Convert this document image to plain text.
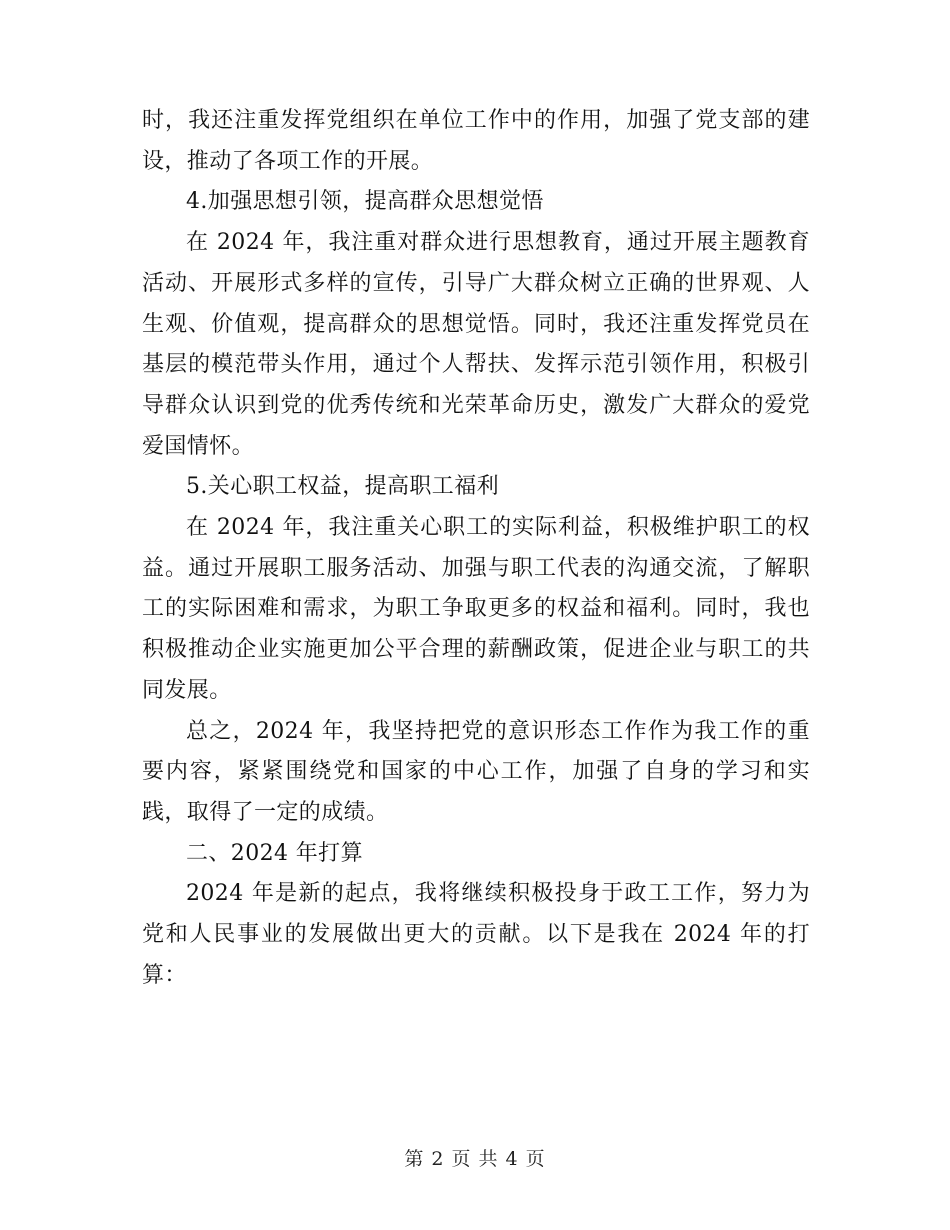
时，我还注重发挥党组织在单位工作中的作用，加强了党支部的建设，推动了各项工作的开展。

4.加强思想引领，提高群众思想觉悟

在 2024 年，我注重对群众进行思想教育，通过开展主题教育活动、开展形式多样的宣传，引导广大群众树立正确的世界观、人生观、价值观，提高群众的思想觉悟。同时，我还注重发挥党员在基层的模范带头作用，通过个人帮扶、发挥示范引领作用，积极引导群众认识到党的优秀传统和光荣革命历史，激发广大群众的爱党爱国情怀。

5.关心职工权益，提高职工福利

在 2024 年，我注重关心职工的实际利益，积极维护职工的权益。通过开展职工服务活动、加强与职工代表的沟通交流，了解职工的实际困难和需求，为职工争取更多的权益和福利。同时，我也积极推动企业实施更加公平合理的薪酬政策，促进企业与职工的共同发展。

总之，2024 年，我坚持把党的意识形态工作作为我工作的重要内容，紧紧围绕党和国家的中心工作，加强了自身的学习和实践，取得了一定的成绩。

二、2024 年打算

2024 年是新的起点，我将继续积极投身于政工工作，努力为党和人民事业的发展做出更大的贡献。以下是我在 2024 年的打算：

第 2 页 共 4 页
